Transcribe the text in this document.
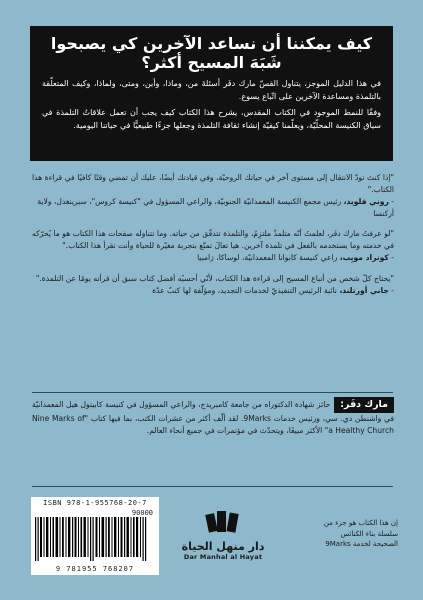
كيف يمكننا أن نساعد الآخرين كي يصبحوا شَبَهَ المسيح أكثر؟

في هذا الدليل الموجز، يتناول القسّ مارك دفَر أسئلةَ من، وماذا، وأين، ومتى، ولماذا، وكيف المتعلّقة بالتلمذة ومساعدة الآخرين على اتّباع يسوع.

وفقًا للنمط الموجود في الكتاب المقدس، يشرح هذا الكتاب كيف يجب أن تعمل علاقاتُ التلمذة في سياق الكنيسة المحلّيّة، ويعلّمنا كيفيّة إنشاء ثقافة التلمذة وجعلها جزءًا طبيعيًّا في حياتنا اليومية.

"إذا كنتَ تودّ الانتقال إلى مستوى آخر في حياتك الروحيّة، وفي قيادتك أيضًا، عليك أن تمضي وقتًا كافيًا في قراءة هذا الكتاب."

- روني فلويد، رئيس مجمع الكنيسة المعمدانيّة الجنوبيّة، والراعي المسؤول في "كنيسة كروس"، سبرينغدل، ولاية أركنسا

"لو عرفتُ مارك دفَر، لعلمتُ أنّه متلمذٌ ملتزِمٌ، والتلمذة تتدفّق من حياته. وما تتناوله صفحات هذا الكتاب هو ما يُحرّكه في خدمته وما يستخدمه بالفعل في تلمذة آخرين. هيا تعالَ تمتّع بتجربة مغيّرة للحياة وأنت تقرأ هذا الكتاب."

- كونراد موبِب، راعي كنيسة كابوانا المعمدانيّة، لوساكا، زامبيا

"يحتاج كلّ شخص من أتباع المسيح إلى قراءة هذا الكتاب، لأنّي أحسبُه أفضل كتاب سبق أن قرأته يومًا عن التلمذة."

- جاني أورتلند، نائبة الرئيس التنفيذيّ لخدمات التجديد، ومؤلّفة لها كتبٌ عدّة

مارك دفَر:حائز شهادة الدكتوراه من جامعة كامبريدج، والراعي المسؤول في كنيسة كابيتول هيل المعمدانيّة في واشنطن دي. سي، ورئيس خدمات 9Marks. لقد ألّف أكثر من عشرات الكتب، بما فيها كتاب "Nine Marks of a Healthy Church" الأكثر مبيعًا، ويتحدّث في مؤتمرات في جميع أنحاء العالم.
ISBN 978-1-955768-20-7
90000
9 781955 768207
دار منهل الحياة
Dar Manhal al Hayat
إن هذا الكتاب هو جزء من سلسلة بناء الكنائس الصحيحة لخدمة 9Marks
